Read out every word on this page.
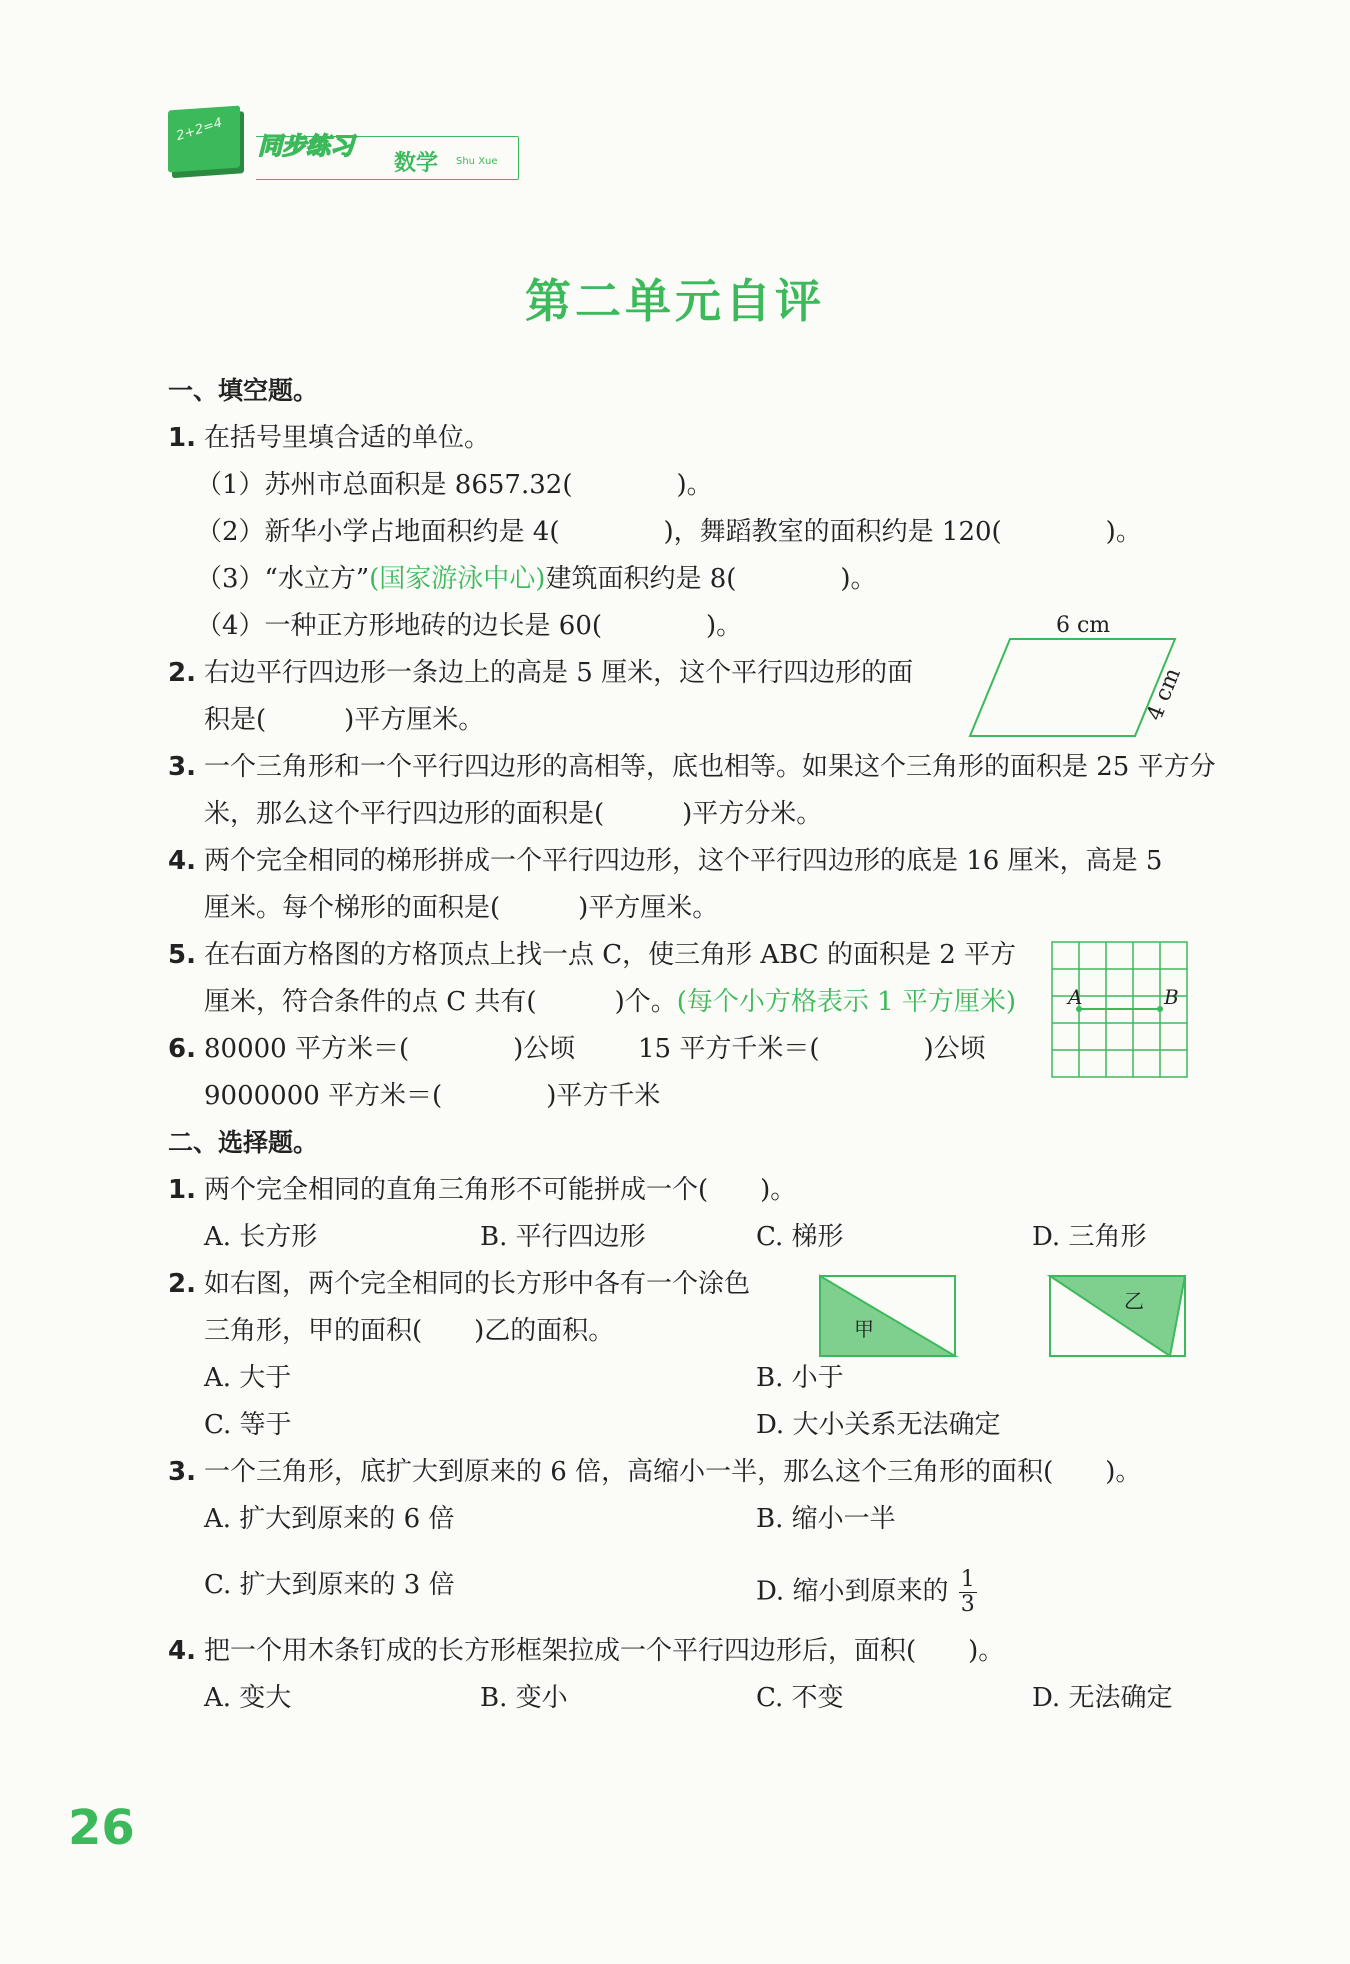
2+2=4
同步练习
数学 Shu Xue
第二单元自评
一、填空题。
1. 在括号里填合适的单位。
（1）苏州市总面积是 8657.32(　　　　)。
（2）新华小学占地面积约是 4(　　　　)，舞蹈教室的面积约是 120(　　　　)。
（3）“水立方”(国家游泳中心)建筑面积约是 8(　　　　)。
（4）一种正方形地砖的边长是 60(　　　　)。
2. 右边平行四边形一条边上的高是 5 厘米，这个平行四边形的面
积是(　　　)平方厘米。
6 cm
4 cm
3. 一个三角形和一个平行四边形的高相等，底也相等。如果这个三角形的面积是 25 平方分
米，那么这个平行四边形的面积是(　　　)平方分米。
4. 两个完全相同的梯形拼成一个平行四边形，这个平行四边形的底是 16 厘米，高是 5
厘米。每个梯形的面积是(　　　)平方厘米。
5. 在右面方格图的方格顶点上找一点 C，使三角形 ABC 的面积是 2 平方
厘米，符合条件的点 C 共有(　　　)个。(每个小方格表示 1 平方厘米)	A	B
6. 80000 平方米＝(　　　　)公顷 15 平方千米＝(　　　　)公顷
9000000 平方米＝(　　　　)平方千米
二、选择题。
1. 两个完全相同的直角三角形不可能拼成一个(　　)。
A. 长方形	B. 平行四边形	C. 梯形	D. 三角形
2. 如右图，两个完全相同的长方形中各有一个涂色
三角形，甲的面积(　　)乙的面积。	甲
乙
A. 大于	B. 小于
C. 等于	D. 大小关系无法确定
3. 一个三角形，底扩大到原来的 6 倍，高缩小一半，那么这个三角形的面积(　　)。
A. 扩大到原来的 6 倍	B. 缩小一半
C. 扩大到原来的 3 倍	D. 缩小到原来的 $\frac{1}{3}$
4. 把一个用木条钉成的长方形框架拉成一个平行四边形后，面积(　　)。
A. 变大	B. 变小	C. 不变	D. 无法确定
26
